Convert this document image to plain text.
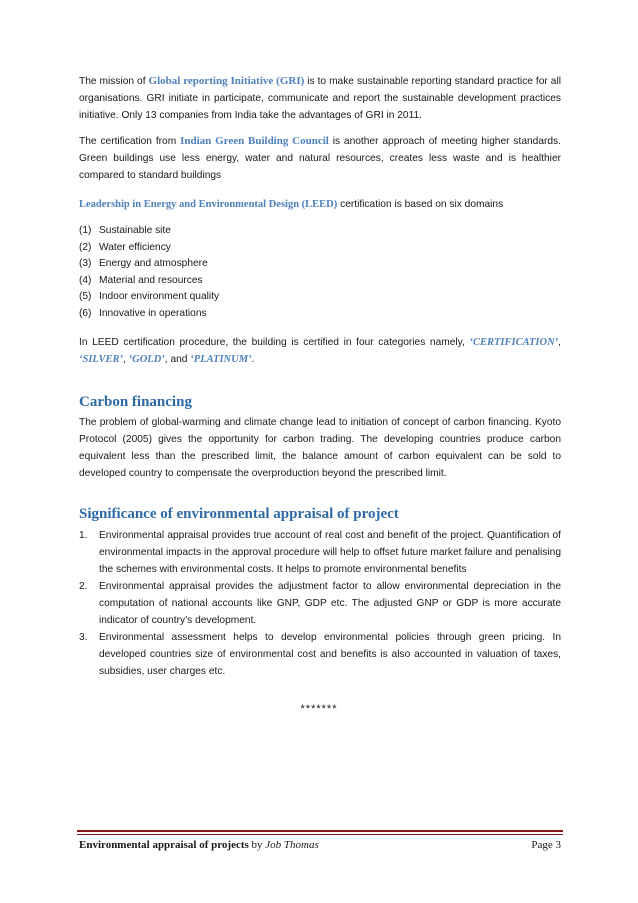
The mission of Global reporting Initiative (GRI) is to make sustainable reporting standard practice for all organisations. GRI initiate in participate, communicate and report the sustainable development practices initiative. Only 13 companies from India take the advantages of GRI in 2011.

The certification from Indian Green Building Council is another approach of meeting higher standards. Green buildings use less energy, water and natural resources, creates less waste and is healthier compared to standard buildings

Leadership in Energy and Environmental Design (LEED) certification is based on six domains

(1) Sustainable site
(2) Water efficiency
(3) Energy and atmosphere
(4) Material and resources
(5) Indoor environment quality
(6) Innovative in operations

In LEED certification procedure, the building is certified in four categories namely, ‘CERTIFICATION’, ‘SILVER’, ‘GOLD’, and ‘PLATINUM’.

Carbon financing

The problem of global-warming and climate change lead to initiation of concept of carbon financing. Kyoto Protocol (2005) gives the opportunity for carbon trading. The developing countries produce carbon equivalent less than the prescribed limit, the balance amount of carbon equivalent can be sold to developed country to compensate the overproduction beyond the prescribed limit.

Significance of environmental appraisal of project
1.	Environmental appraisal provides true account of real cost and benefit of the project. Quantification of environmental impacts in the approval procedure will help to offset future market failure and penalising the schemes with environmental costs. It helps to promote environmental benefits
2.	Environmental appraisal provides the adjustment factor to allow environmental depreciation in the computation of national accounts like GNP, GDP etc. The adjusted GNP or GDP is more accurate indicator of country’s development.
3.	Environmental assessment helps to develop environmental policies through green pricing. In developed countries size of environmental cost and benefits is also accounted in valuation of taxes, subsidies, user charges etc.
*******
Environmental appraisal of projects by Job Thomas	Page 3
